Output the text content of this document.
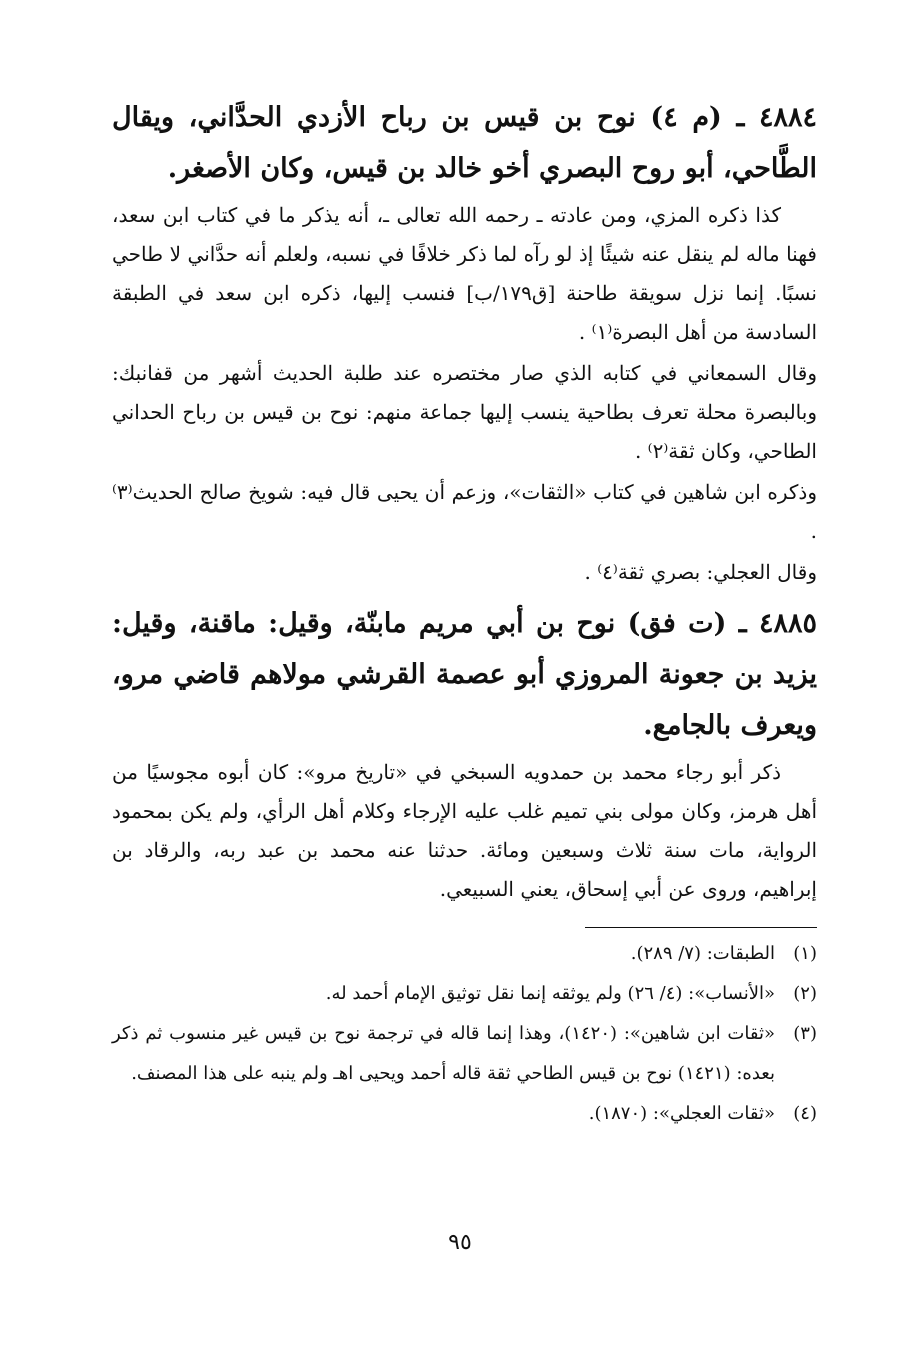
٤٨٨٤ ـ (م ٤) نوح بن قيس بن رباح الأزدي الحدَّاني، ويقال الطَّاحي، أبو روح البصري أخو خالد بن قيس، وكان الأصغر.

كذا ذكره المزي، ومن عادته ـ رحمه الله تعالى ـ، أنه يذكر ما في كتاب ابن سعد، فهنا ماله لم ينقل عنه شيئًا إذ لو رآه لما ذكر خلافًا في نسبه، ولعلم أنه حدَّاني لا طاحي نسبًا. إنما نزل سويقة طاحنة [ق١٧٩/ب] فنسب إليها، ذكره ابن سعد في الطبقة السادسة من أهل البصرة⁽١⁾ .

وقال السمعاني في كتابه الذي صار مختصره عند طلبة الحديث أشهر من قفانبك: وبالبصرة محلة تعرف بطاحية ينسب إليها جماعة منهم: نوح بن قيس بن رباح الحداني الطاحي، وكان ثقة⁽٢⁾ .

وذكره ابن شاهين في كتاب «الثقات»، وزعم أن يحيى قال فيه: شويخ صالح الحديث⁽٣⁾ .

وقال العجلي: بصري ثقة⁽٤⁾ .

٤٨٨٥ ـ (ت فق) نوح بن أبي مريم مابنّة، وقيل: ماقنة، وقيل: يزيد بن جعونة المروزي أبو عصمة القرشي مولاهم قاضي مرو، ويعرف بالجامع.

ذكر أبو رجاء محمد بن حمدويه السبخي في «تاريخ مرو»: كان أبوه مجوسيًا من أهل هرمز، وكان مولى بني تميم غلب عليه الإرجاء وكلام أهل الرأي، ولم يكن بمحمود الرواية، مات سنة ثلاث وسبعين ومائة. حدثنا عنه محمد بن عبد ربه، والرقاد بن إبراهيم، وروى عن أبي إسحاق، يعني السبيعي.

(١)
الطبقات: (٧/ ٢٨٩).
(٢)
«الأنساب»: (٤/ ٢٦) ولم يوثقه إنما نقل توثيق الإمام أحمد له.
(٣)
«ثقات ابن شاهين»: (١٤٢٠)، وهذا إنما قاله في ترجمة نوح بن قيس غير منسوب ثم ذكر بعده: (١٤٢١) نوح بن قيس الطاحي ثقة قاله أحمد ويحيى اهـ ولم ينبه على هذا المصنف.
(٤)
«ثقات العجلي»: (١٨٧٠).
٩٥
